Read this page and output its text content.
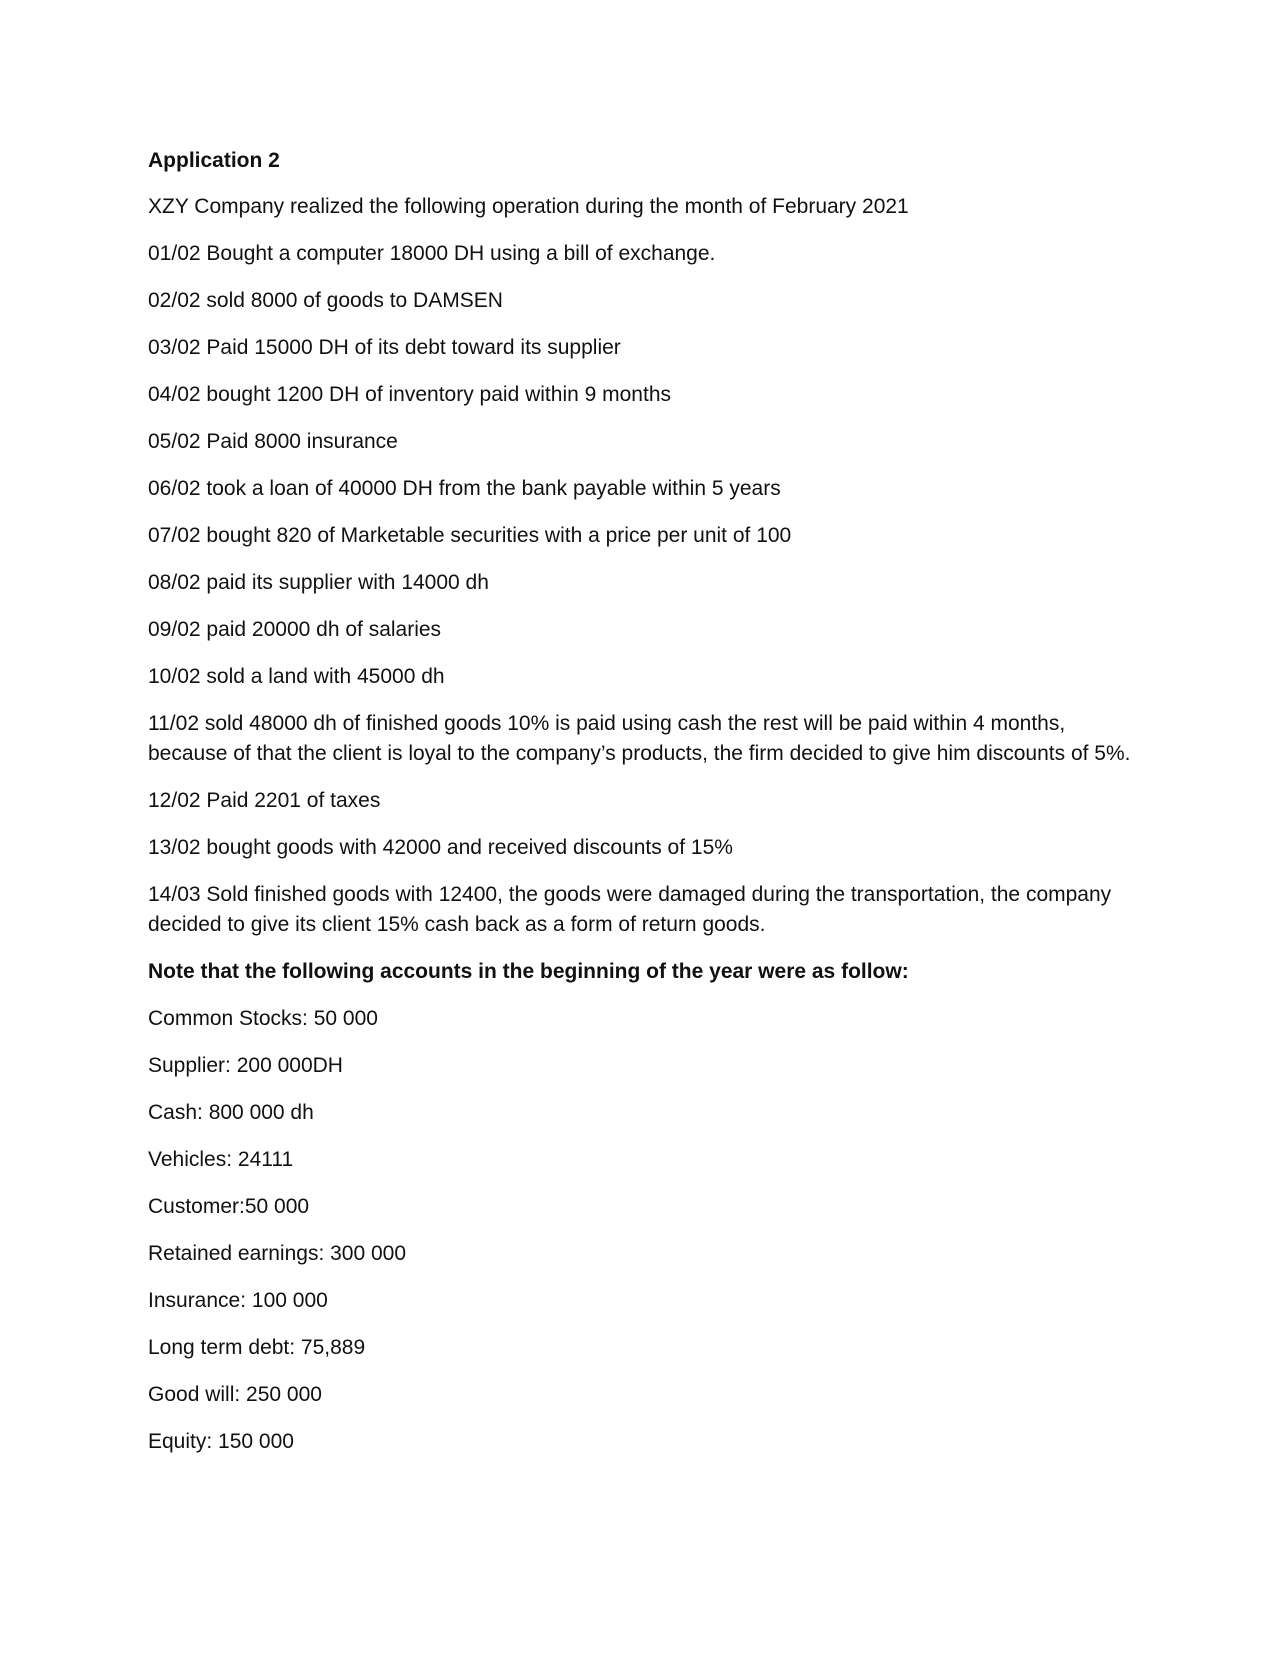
Application 2

XZY Company realized the following operation during the month of February 2021

01/02 Bought a computer 18000 DH using a bill of exchange.
02/02 sold 8000 of goods to DAMSEN
03/02 Paid 15000 DH of its debt toward its supplier
04/02 bought 1200 DH of inventory paid within 9 months
05/02 Paid 8000 insurance
06/02 took a loan of 40000 DH from the bank payable within 5 years
07/02 bought 820 of Marketable securities with a price per unit of 100
08/02 paid its supplier with 14000 dh
09/02 paid 20000 dh of salaries
10/02 sold a land with 45000 dh
11/02 sold 48000 dh of finished goods 10% is paid using cash the rest will be paid within 4 months, because of that the client is loyal to the company’s products, the firm decided to give him discounts of 5%.
12/02 Paid 2201 of taxes
13/02 bought goods with 42000 and received discounts of 15%
14/03 Sold finished goods with 12400, the goods were damaged during the transportation, the company decided to give its client 15% cash back as a form of return goods.

Note that the following accounts in the beginning of the year were as follow:

Common Stocks: 50 000
Supplier: 200 000DH
Cash: 800 000 dh
Vehicles: 24111
Customer:50 000
Retained earnings: 300 000
Insurance: 100 000
Long term debt: 75,889
Good will: 250 000
Equity: 150 000
